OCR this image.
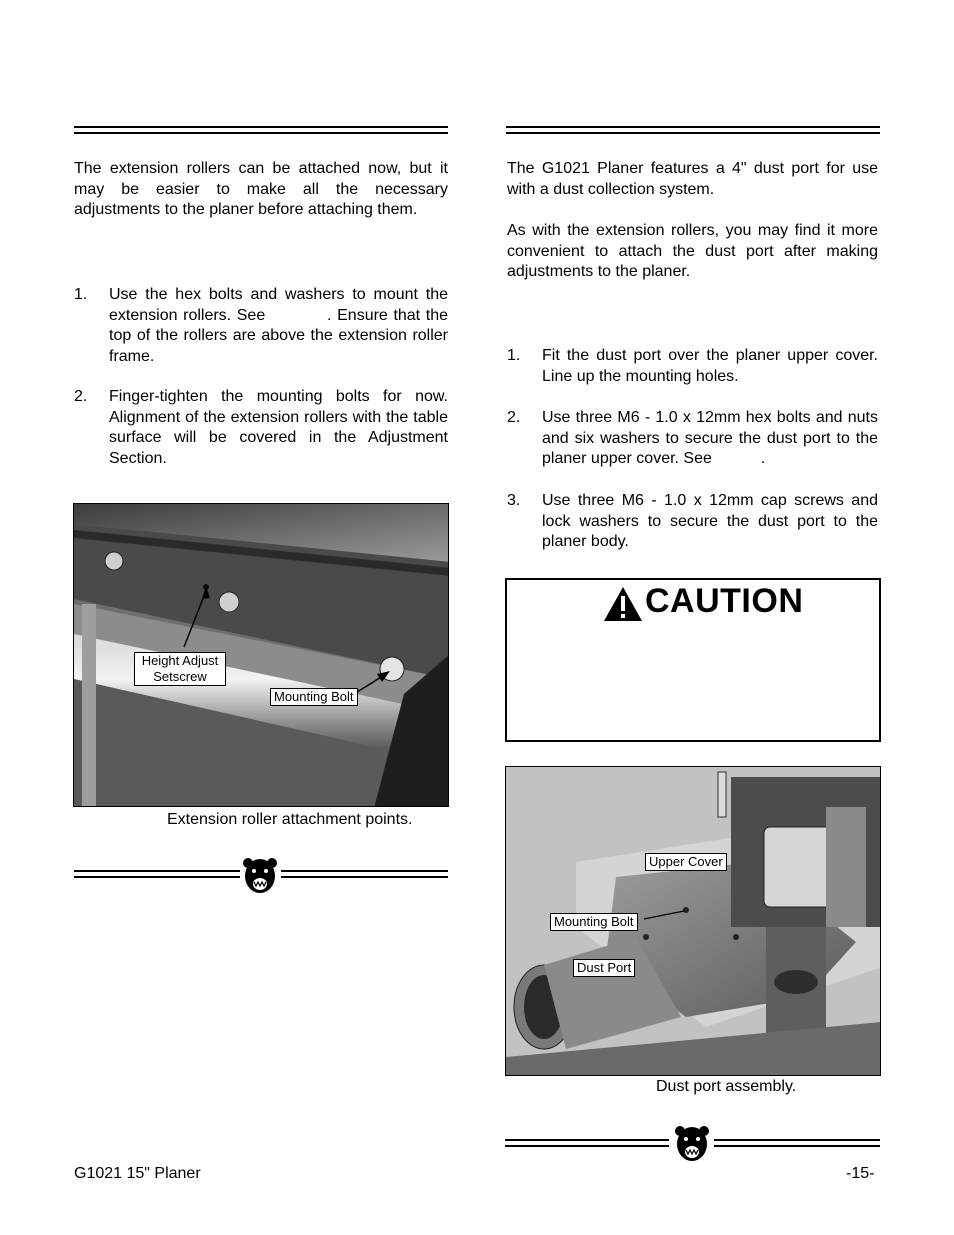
The extension rollers can be attached now, but it may be easier to make all the necessary adjustments to the planer before attaching them.
1. Use the hex bolts and washers to mount the extension rollers. See           . Ensure that the top of the rollers are above the extension roller frame.
2. Finger-tighten the mounting bolts for now. Alignment of the extension rollers with the table surface will be covered in the Adjustment Section.
Height Adjust Setscrew
Mounting Bolt
Extension roller attachment points.
The G1021 Planer features a 4" dust port for use with a dust collection system.
As with the extension rollers, you may find it more convenient to attach the dust port after making adjustments to the planer.
1. Fit the dust port over the planer upper cover. Line up the mounting holes.
2. Use three M6 - 1.0 x 12mm hex bolts and nuts and six washers to secure the dust port to the planer upper cover. See           .
3. Use three M6 - 1.0 x 12mm cap screws and lock washers to secure the dust port to the planer body.
CAUTION
Upper Cover
Mounting Bolt
Dust Port
Dust port assembly.
G1021 15" Planer	-15-
